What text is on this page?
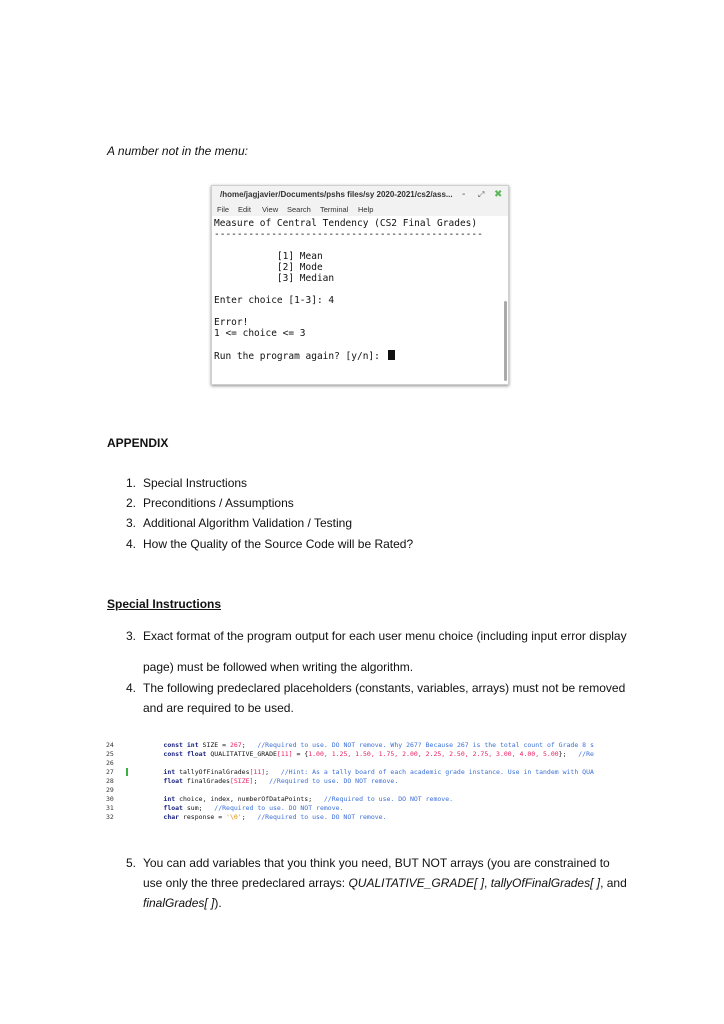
A number not in the menu:
/home/jagjavier/Documents/pshs files/sy 2020-2021/cs2/ass... - ⤢ ✖
File Edit View Search Terminal Help
Measure of Central Tendency (CS2 Final Grades)
-----------------------------------------------
[1] Mean
[2] Mode
[3] Median
Enter choice [1-3]: 4
Error!
1 <= choice <= 3
Run the program again? [y/n]:
APPENDIX
1. Special Instructions
2. Preconditions / Assumptions
3. Additional Algorithm Validation / Testing
4. How the Quality of the Source Code will be Rated?
Special Instructions
3. Exact format of the program output for each user menu choice (including input error display
page) must be followed when writing the algorithm.
4. The following predeclared placeholders (constants, variables, arrays) must not be removed
and are required to be used.
24	const int SIZE = 267;   //Required to use. DO NOT remove. Why 267? Because 267 is the total count of Grade 8 s
25	const float QUALITATIVE_GRADE[11] = {1.00, 1.25, 1.50, 1.75, 2.00, 2.25, 2.50, 2.75, 3.00, 4.00, 5.00};   //Re
26
27	int tallyOfFinalGrades[11];   //Hint: As a tally board of each academic grade instance. Use in tandem with QUA
28	float finalGrades[SIZE];   //Required to use. DO NOT remove.
29
30	int choice, index, numberOfDataPoints;   //Required to use. DO NOT remove.
31	float sum;   //Required to use. DO NOT remove.
32	char response = '\0';   //Required to use. DO NOT remove.
5. You can add variables that you think you need, BUT NOT arrays (you are constrained to
use only the three predeclared arrays: QUALITATIVE_GRADE[ ], tallyOfFinalGrades[ ], and
finalGrades[ ]).
